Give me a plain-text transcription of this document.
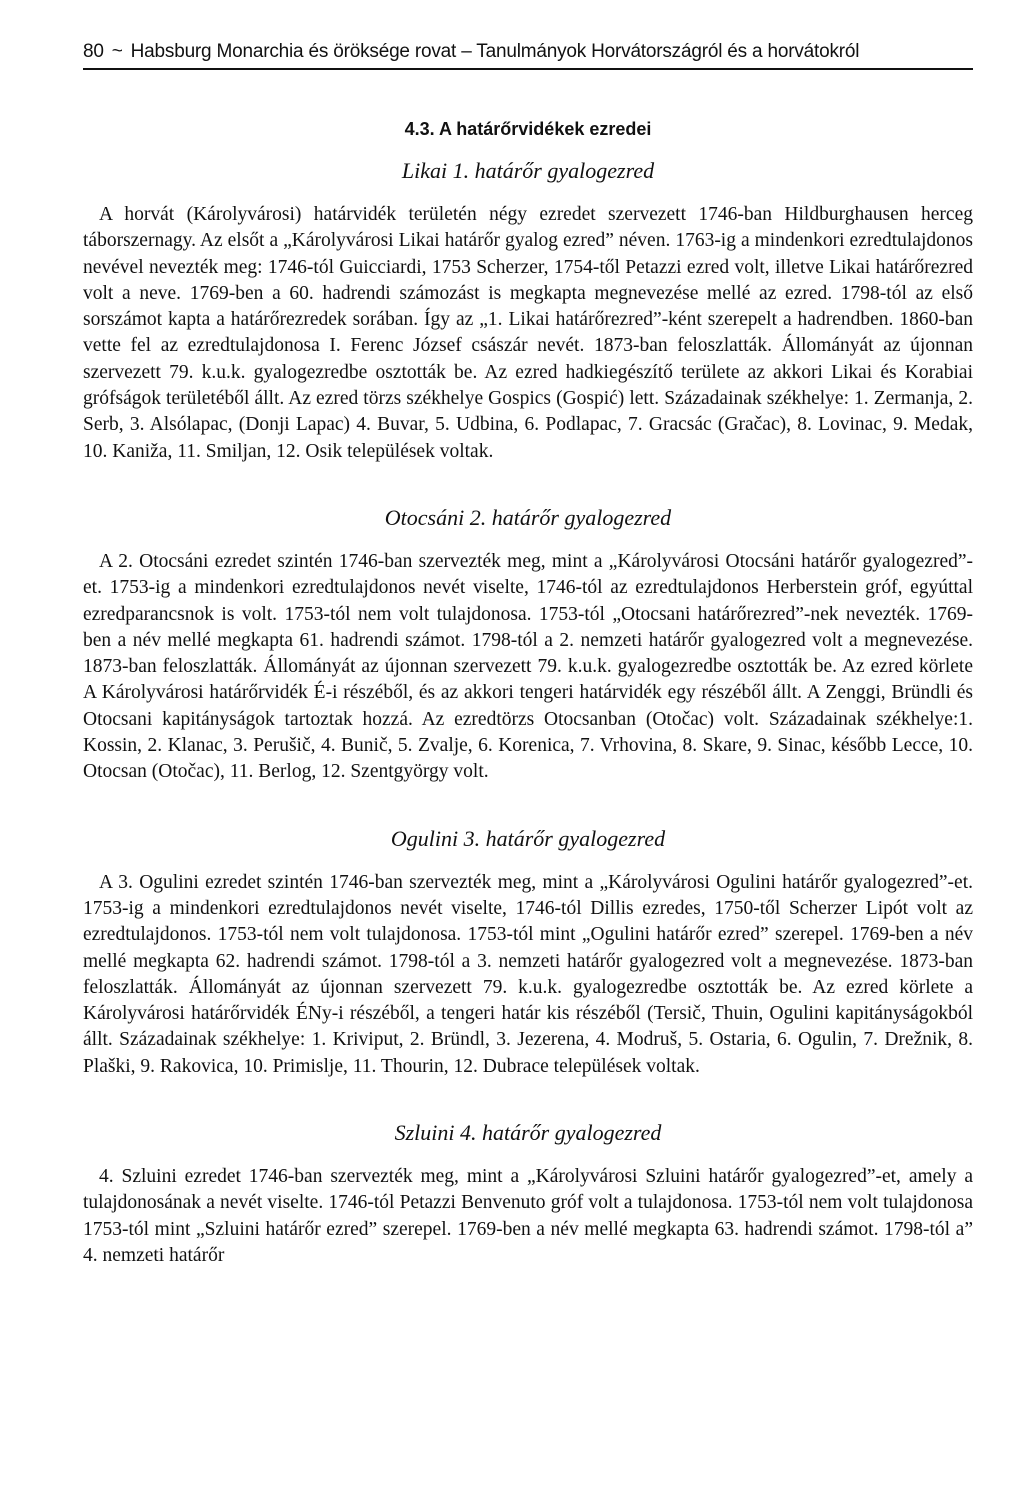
80 ~ Habsburg Monarchia és öröksége rovat – Tanulmányok Horvátországról és a horvátokról
4.3. A határőrvidékek ezredei
Likai 1. határőr gyalogezred

A horvát (Károlyvárosi) határvidék területén négy ezredet szervezett 1746-ban Hildburghausen herceg táborszernagy. Az elsőt a „Károlyvárosi Likai határőr gyalog ezred” néven. 1763-ig a mindenkori ezredtulajdonos nevével nevezték meg: 1746-tól Guicciardi, 1753 Scherzer, 1754-től Petazzi ezred volt, illetve Likai határőrezred volt a neve. 1769-ben a 60. hadrendi számozást is megkapta megnevezése mellé az ezred. 1798-tól az első sorszámot kapta a határőrezredek sorában. Így az „1. Likai határőrezred”-ként szerepelt a hadrendben. 1860-ban vette fel az ezredtulajdonosa I. Ferenc József császár nevét. 1873-ban feloszlatták. Állományát az újonnan szervezett 79. k.u.k. gyalogezredbe osztották be. Az ezred hadkiegészítő területe az akkori Likai és Korabiai grófságok területéből állt. Az ezred törzs székhelye Gospics (Gospić) lett. Századainak székhelye: 1. Zermanja, 2. Serb, 3. Alsólapac, (Donji Lapac) 4. Buvar, 5. Udbina, 6. Podlapac, 7. Gracsác (Gračac), 8. Lovinac, 9. Medak, 10. Kaniža, 11. Smiljan, 12. Osik települések voltak.

Otocsáni 2. határőr gyalogezred

A 2. Otocsáni ezredet szintén 1746-ban szervezték meg, mint a „Károlyvárosi Otocsáni határőr gyalogezred”-et. 1753-ig a mindenkori ezredtulajdonos nevét viselte, 1746-tól az ezredtulajdonos Herberstein gróf, egyúttal ezredparancsnok is volt. 1753-tól nem volt tulajdonosa. 1753-tól „Otocsani határőrezred”-nek nevezték. 1769-ben a név mellé megkapta 61. hadrendi számot. 1798-tól a 2. nemzeti határőr gyalogezred volt a megnevezése. 1873-ban feloszlatták. Állományát az újonnan szervezett 79. k.u.k. gyalogezredbe osztották be. Az ezred körlete A Károlyvárosi határőrvidék É-i részéből, és az akkori tengeri határvidék egy részéből állt. A Zenggi, Bründli és Otocsani kapitányságok tartoztak hozzá. Az ezredtörzs Otocsanban (Otočac) volt. Századainak székhelye:1. Kossin, 2. Klanac, 3. Perušič, 4. Bunič, 5. Zvalje, 6. Korenica, 7. Vrhovina, 8. Skare, 9. Sinac, később Lecce, 10. Otocsan (Otočac), 11. Berlog, 12. Szentgyörgy volt.

Ogulini 3. határőr gyalogezred

A 3. Ogulini ezredet szintén 1746-ban szervezték meg, mint a „Károlyvárosi Ogulini határőr gyalogezred”-et. 1753-ig a mindenkori ezredtulajdonos nevét viselte, 1746-tól Dillis ezredes, 1750-től Scherzer Lipót volt az ezredtulajdonos. 1753-tól nem volt tulajdonosa. 1753-tól mint „Ogulini határőr ezred” szerepel. 1769-ben a név mellé megkapta 62. hadrendi számot. 1798-tól a 3. nemzeti határőr gyalogezred volt a megnevezése. 1873-ban feloszlatták. Állományát az újonnan szervezett 79. k.u.k. gyalogezredbe osztották be. Az ezred körlete a Károlyvárosi határőrvidék ÉNy-i részéből, a tengeri határ kis részéből (Tersič, Thuin, Ogulini kapitányságokból állt. Századainak székhelye: 1. Kriviput, 2. Bründl, 3. Jezerena, 4. Modruš, 5. Ostaria, 6. Ogulin, 7. Drežnik, 8. Plaški, 9. Rakovica, 10. Primislje, 11. Thourin, 12. Dubrace települések voltak.

Szluini 4. határőr gyalogezred

4. Szluini ezredet 1746-ban szervezték meg, mint a „Károlyvárosi Szluini határőr gyalogezred”-et, amely a tulajdonosának a nevét viselte. 1746-tól Petazzi Benvenuto gróf volt a tulajdonosa. 1753-tól nem volt tulajdonosa 1753-tól mint „Szluini határőr ezred” szerepel. 1769-ben a név mellé megkapta 63. hadrendi számot. 1798-tól a” 4. nemzeti határőr
